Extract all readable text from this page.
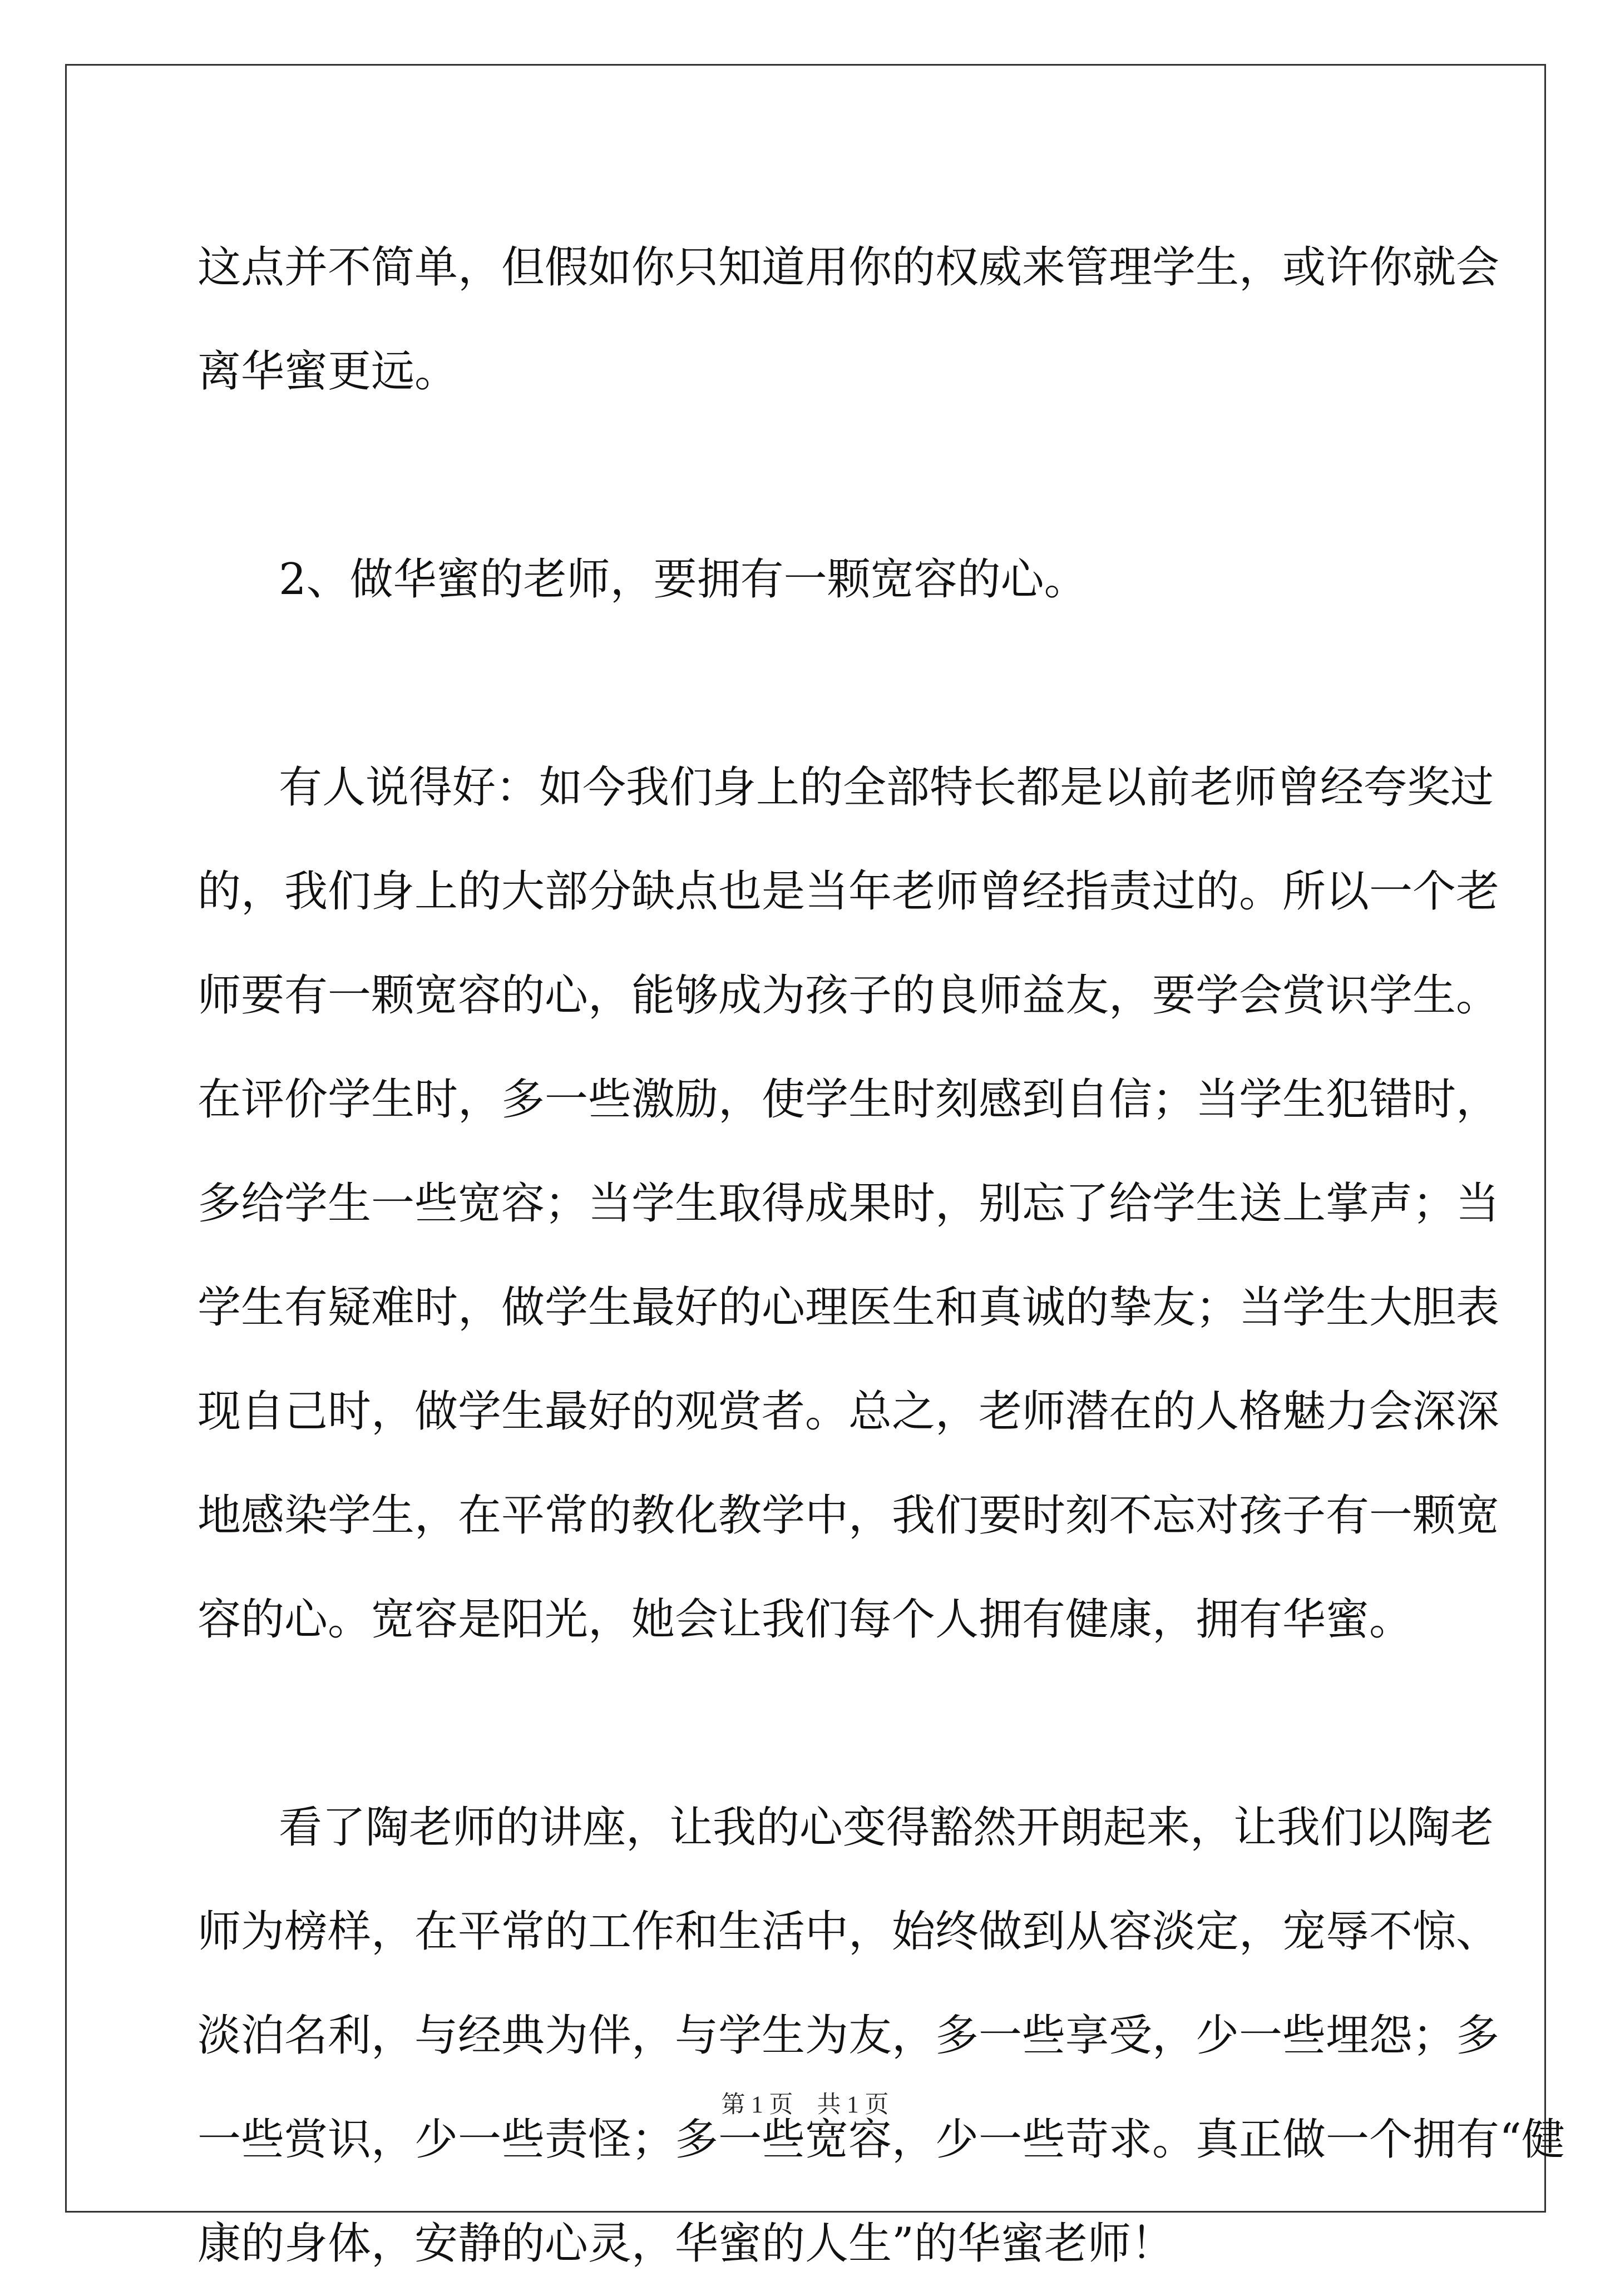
这点并不简单，但假如你只知道用你的权威来管理学生，或许你就会
离华蜜更远。
2、做华蜜的老师，要拥有一颗宽容的心。
有人说得好：如今我们身上的全部特长都是以前老师曾经夸奖过
的，我们身上的大部分缺点也是当年老师曾经指责过的。所以一个老
师要有一颗宽容的心，能够成为孩子的良师益友，要学会赏识学生。
在评价学生时，多一些激励，使学生时刻感到自信；当学生犯错时，
多给学生一些宽容；当学生取得成果时，别忘了给学生送上掌声；当
学生有疑难时，做学生最好的心理医生和真诚的挚友；当学生大胆表
现自己时，做学生最好的观赏者。总之，老师潜在的人格魅力会深深
地感染学生，在平常的教化教学中，我们要时刻不忘对孩子有一颗宽
容的心。宽容是阳光，她会让我们每个人拥有健康，拥有华蜜。
看了陶老师的讲座，让我的心变得豁然开朗起来，让我们以陶老
师为榜样，在平常的工作和生活中，始终做到从容淡定，宠辱不惊、
淡泊名利，与经典为伴，与学生为友，多一些享受，少一些埋怨；多
一些赏识，少一些责怪；多一些宽容，少一些苛求。真正做一个拥有“健
康的身体，安静的心灵，华蜜的人生”的华蜜老师！
第 1 页    共 1 页
